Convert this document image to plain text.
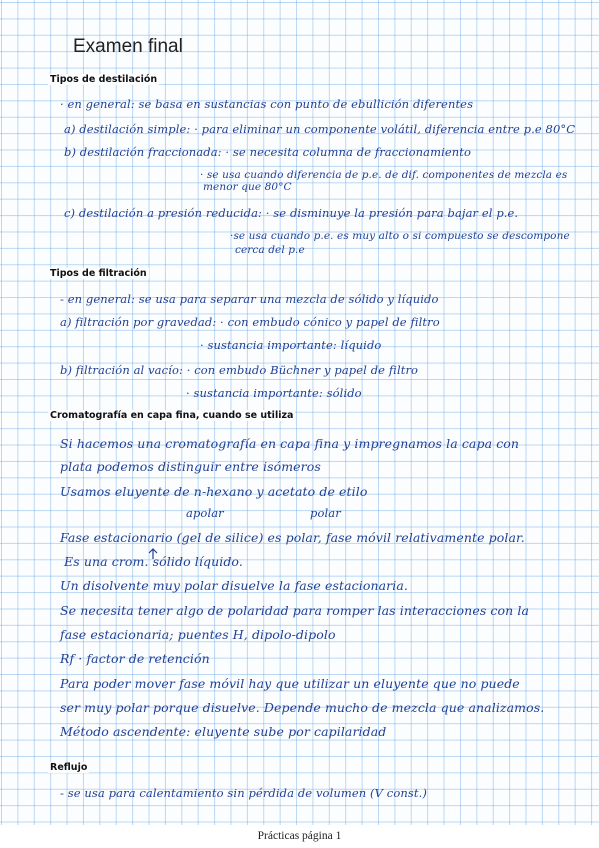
Examen final
Tipos de destilación
· en general: se basa en sustancias con punto de ebullición diferentes
a) destilación simple: · para eliminar un componente volátil, diferencia entre p.e 80°C
b) destilación fraccionada: · se necesita columna de fraccionamiento
· se usa cuando diferencia de p.e. de dif. componentes de mezcla es
menor que 80°C
c) destilación a presión reducida: · se disminuye la presión para bajar el p.e.
·se usa cuando p.e. es muy alto o si compuesto se descompone
cerca del p.e
Tipos de filtración
- en general: se usa para separar una mezcla de sólido y líquido
a) filtración por gravedad: · con embudo cónico y papel de filtro
· sustancia importante: líquido
b) filtración al vacío: · con embudo Büchner y papel de filtro
· sustancia importante: sólido
Cromatografía en capa fina, cuando se utiliza
Si hacemos una cromatografía en capa fina y impregnamos la capa con
plata podemos distinguir entre isómeros
Usamos eluyente de n-hexano y acetato de etilo
apolar	polar
Fase estacionario (gel de silice) es polar, fase móvil relativamente polar.
Es una crom. sólido líquido.
Un disolvente muy polar disuelve la fase estacionaria.
Se necesita tener algo de polaridad para romper las interacciones con la
fase estacionaria; puentes H, dipolo-dipolo
Rf · factor de retención
Para poder mover fase móvil hay que utilizar un eluyente que no puede
ser muy polar porque disuelve. Depende mucho de mezcla que analizamos.
Método ascendente: eluyente sube por capilaridad
Reflujo
- se usa para calentamiento sin pérdida de volumen (V const.)
Prácticas página 1
